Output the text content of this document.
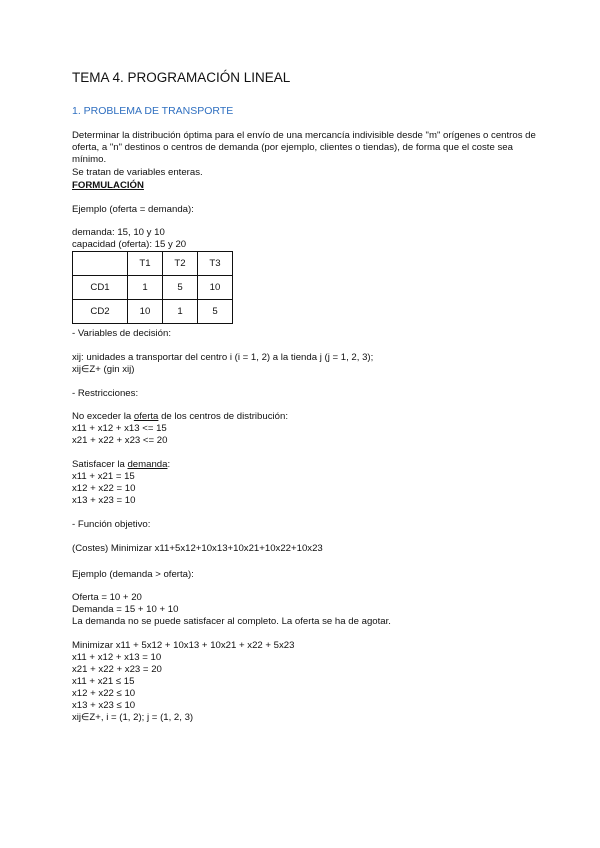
TEMA 4. PROGRAMACIÓN LINEAL
1. PROBLEMA DE TRANSPORTE
Determinar la distribución óptima para el envío de una mercancía indivisible desde "m" orígenes o centros de
oferta, a "n" destinos o centros de demanda (por ejemplo, clientes o tiendas), de forma que el coste sea mínimo.
Se tratan de variables enteras.
FORMULACIÓN
Ejemplo (oferta = demanda):
demanda: 15, 10 y 10
capacidad (oferta): 15 y 20
	T1	T2	T3
CD1	1	5	10
CD2	10	1	5
- Variables de decisión:
xij: unidades a transportar del centro i (i = 1, 2) a la tienda j (j = 1, 2, 3);
xij∈Z+ (gin xij)
- Restricciones:
No exceder la oferta de los centros de distribución:
x11 + x12 + x13 <= 15
x21 + x22 + x23 <= 20
Satisfacer la demanda:
x11 + x21 = 15
x12 + x22 = 10
x13 + x23 = 10
- Función objetivo:
(Costes) Minimizar x11+5x12+10x13+10x21+10x22+10x23
Ejemplo (demanda > oferta):
Oferta = 10 + 20
Demanda = 15 + 10 + 10
La demanda no se puede satisfacer al completo. La oferta se ha de agotar.
Minimizar x11 + 5x12 + 10x13 + 10x21 + x22 + 5x23
x11 + x12 + x13 = 10
x21 + x22 + x23 = 20
x11 + x21 ≤ 15
x12 + x22 ≤ 10
x13 + x23 ≤ 10
xij∈Z+, i = (1, 2); j = (1, 2, 3)
